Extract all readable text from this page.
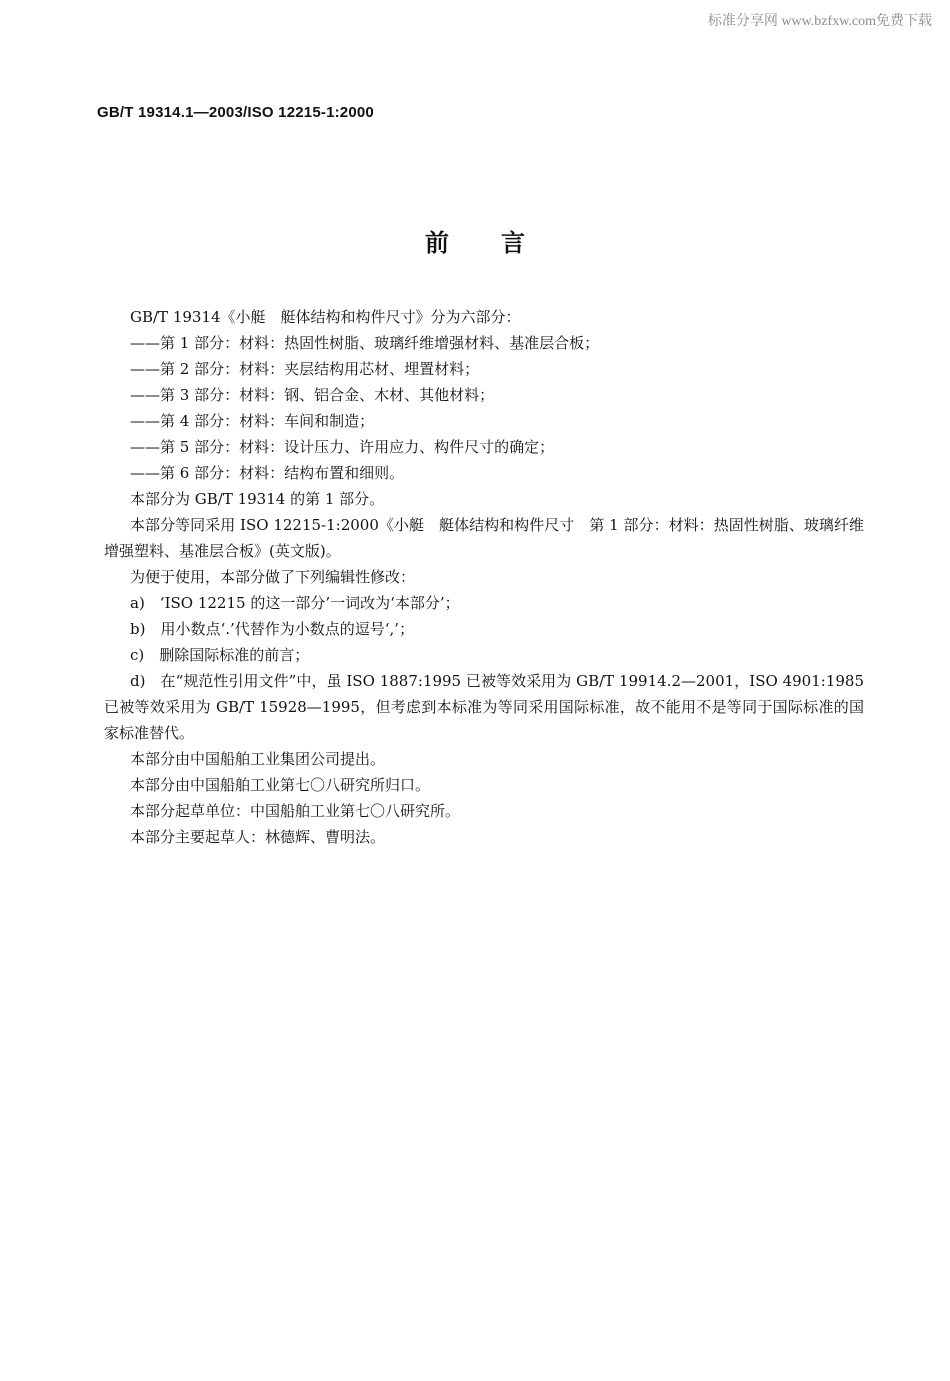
标准分享网 www.bzfxw.com免费下载
GB/T 19314.1—2003/ISO 12215-1:2000
前言

GB/T 19314《小艇　艇体结构和构件尺寸》分为六部分：

——第 1 部分：材料：热固性树脂、玻璃纤维增强材料、基准层合板；

——第 2 部分：材料：夹层结构用芯材、埋置材料；

——第 3 部分：材料：钢、铝合金、木材、其他材料；

——第 4 部分：材料：车间和制造；

——第 5 部分：材料：设计压力、许用应力、构件尺寸的确定；

——第 6 部分：材料：结构布置和细则。

本部分为 GB/T 19314 的第 1 部分。

本部分等同采用 ISO 12215-1:2000《小艇　艇体结构和构件尺寸　第 1 部分：材料：热固性树脂、玻璃纤维增强塑料、基准层合板》(英文版)。

为便于使用，本部分做了下列编辑性修改：

a)　‘ISO 12215 的这一部分’一词改为‘本部分’；

b)　用小数点‘.’代替作为小数点的逗号‘,’；

c)　删除国际标准的前言；

d)　在“规范性引用文件”中，虽 ISO 1887:1995 已被等效采用为 GB/T 19914.2—2001，ISO 4901:1985已被等效采用为 GB/T 15928—1995，但考虑到本标准为等同采用国际标准，故不能用不是等同于国际标准的国家标准替代。

本部分由中国船舶工业集团公司提出。

本部分由中国船舶工业第七〇八研究所归口。

本部分起草单位：中国船舶工业第七〇八研究所。

本部分主要起草人：林德辉、曹明法。
